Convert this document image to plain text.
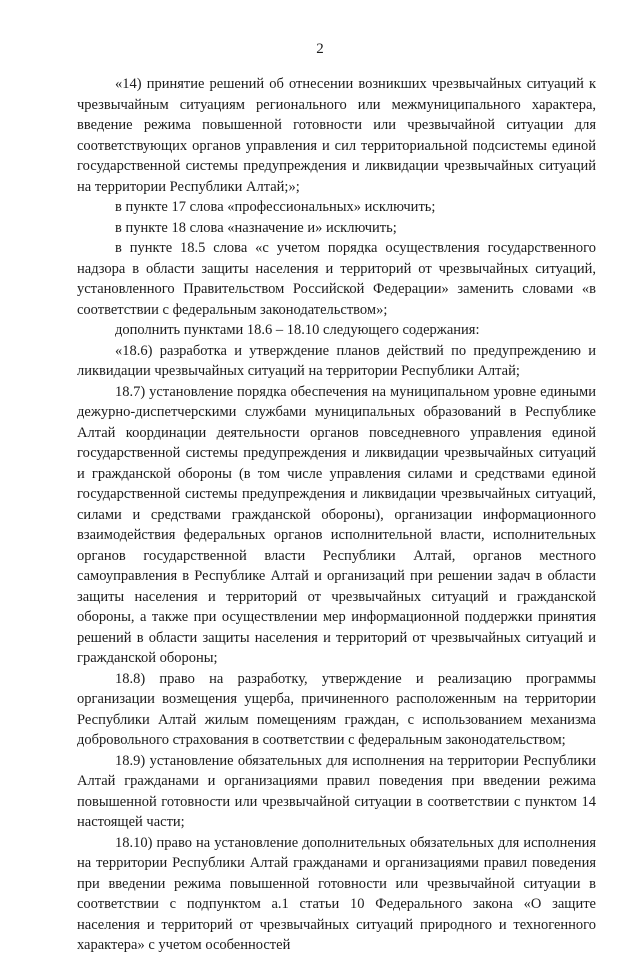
2

«14) принятие решений об отнесении возникших чрезвычайных ситуаций к чрезвычайным ситуациям регионального или межмуниципального характера, введение режима повышенной готовности или чрезвычайной ситуации для соответствующих органов управления и сил территориальной подсистемы единой государственной системы предупреждения и ликвидации чрезвычайных ситуаций на территории Республики Алтай;»;

в пункте 17 слова «профессиональных» исключить;

в пункте 18 слова «назначение и» исключить;

в пункте 18.5 слова «с учетом порядка осуществления государственного надзора в области защиты населения и территорий от чрезвычайных ситуаций, установленного Правительством Российской Федерации» заменить словами «в соответствии с федеральным законодательством»;

дополнить пунктами 18.6 – 18.10 следующего содержания:

«18.6) разработка и утверждение планов действий по предупреждению и ликвидации чрезвычайных ситуаций на территории Республики Алтай;

18.7) установление порядка обеспечения на муниципальном уровне едиными дежурно-диспетчерскими службами муниципальных образований в Республике Алтай координации деятельности органов повседневного управления единой государственной системы предупреждения и ликвидации чрезвычайных ситуаций и гражданской обороны (в том числе управления силами и средствами единой государственной системы предупреждения и ликвидации чрезвычайных ситуаций, силами и средствами гражданской обороны), организации информационного взаимодействия федеральных органов исполнительной власти, исполнительных органов государственной власти Республики Алтай, органов местного самоуправления в Республике Алтай и организаций при решении задач в области защиты населения и территорий от чрезвычайных ситуаций и гражданской обороны, а также при осуществлении мер информационной поддержки принятия решений в области защиты населения и территорий от чрезвычайных ситуаций и гражданской обороны;

18.8) право на разработку, утверждение и реализацию программы организации возмещения ущерба, причиненного расположенным на территории Республики Алтай жилым помещениям граждан, с использованием механизма добровольного страхования в соответствии с федеральным законодательством;

18.9) установление обязательных для исполнения на территории Республики Алтай гражданами и организациями правил поведения при введении режима повышенной готовности или чрезвычайной ситуации в соответствии с пунктом 14 настоящей части;

18.10) право на установление дополнительных обязательных для исполнения на территории Республики Алтай гражданами и организациями правил поведения при введении режима повышенной готовности или чрезвычайной ситуации в соответствии с подпунктом а.1 статьи 10 Федерального закона «О защите населения и территорий от чрезвычайных ситуаций природного и техногенного характера» с учетом особенностей
